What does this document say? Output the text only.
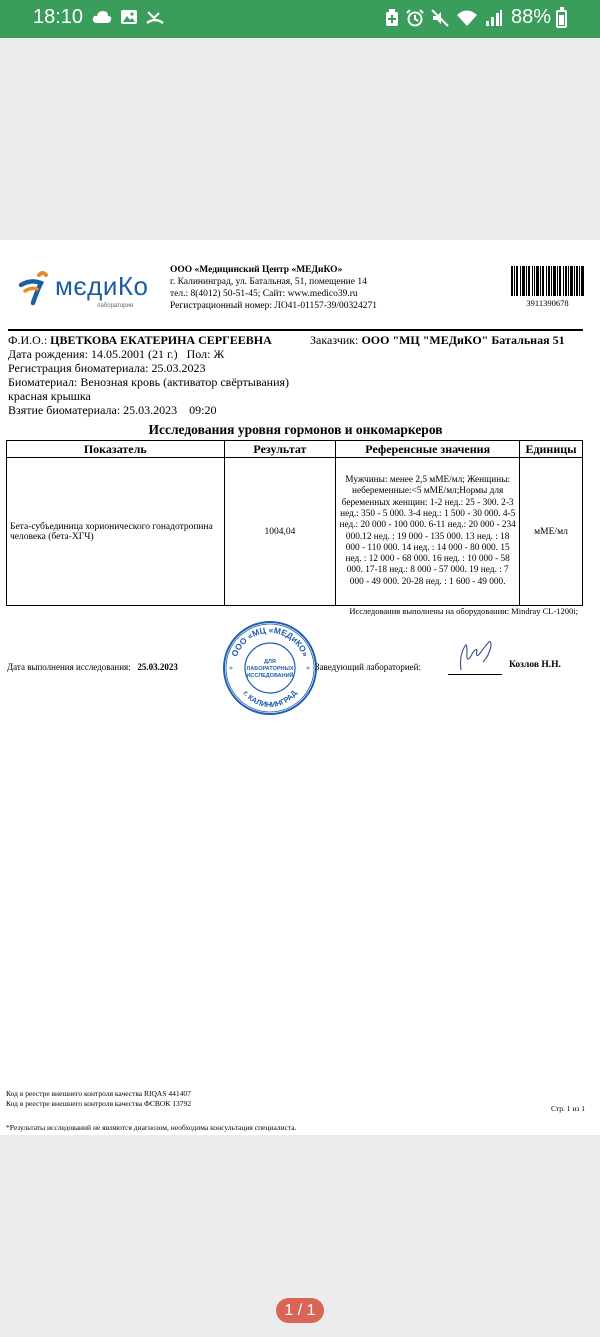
18:10	88%
мєдиКо
лаборатория
ООО «Медицинский Центр «МЕДиКО»
г. Калининград, ул. Батальная, 51, помещение 14
тел.: 8(4012) 50-51-45; Сайт: www.medico39.ru
Регистрационный номер: ЛО41-01157-39/00324271	3911390678
Ф.И.О.: ЦВЕТКОВА ЕКАТЕРИНА СЕРГЕЕВНА
Дата рождения: 14.05.2001 (21 г.) Пол: Ж
Регистрация биоматериала: 25.03.2023
Биоматериал: Венозная кровь (активатор свёртывания) красная крышка
Взятие биоматериала: 25.03.2023    09:20
Заказчик: ООО "МЦ "МЕДиКО" Батальная 51
Исследования уровня гормонов и онкомаркеров
Показатель	Результат	Референсные значения	Единицы
Бета-субъединица хорионического гонадотропина человека (бета-ХГЧ)	1004,04	Мужчины: менее 2,5 мМЕ/мл; Женщины: небеременные:<5 мМЕ/мл;Нормы для беременных женщин: 1-2 нед.: 25 - 300. 2-3 нед.: 350 - 5 000. 3-4 нед.: 1 500 - 30 000. 4-5 нед.: 20 000 - 100 000. 6-11 нед.: 20 000 - 234 000.12 нед. : 19 000 - 135 000. 13 нед. : 18 000 - 110 000. 14 нед. : 14 000 - 80 000. 15 нед. : 12 000 - 68 000. 16 нед. : 10 000 - 58 000. 17-18 нед.: 8 000 - 57 000. 19 нед. : 7 000 - 49 000. 20-28 нед. : 1 600 - 49 000.	мМЕ/мл
Исследования выполнены на оборудовании: Mindray CL-1200i;
Дата выполнения исследования: 25.03.2023
ООО «МЦ «МЕДиКО»
г. КАЛИНИНГРАД
ДЛЯ
ЛАБОРАТОРНЫХ
ИССЛЕДОВАНИЙ
*	* Заведующий лабораторией:	Козлов Н.Н.
Код в реестре внешнего контроля качества RIQAS 441407
Код в реестре внешнего контроля качества ФСВОК 13792
Стр. 1 из 1
*Результаты исследований не являются диагнозом, необходима консультация специалиста.
1 / 1
